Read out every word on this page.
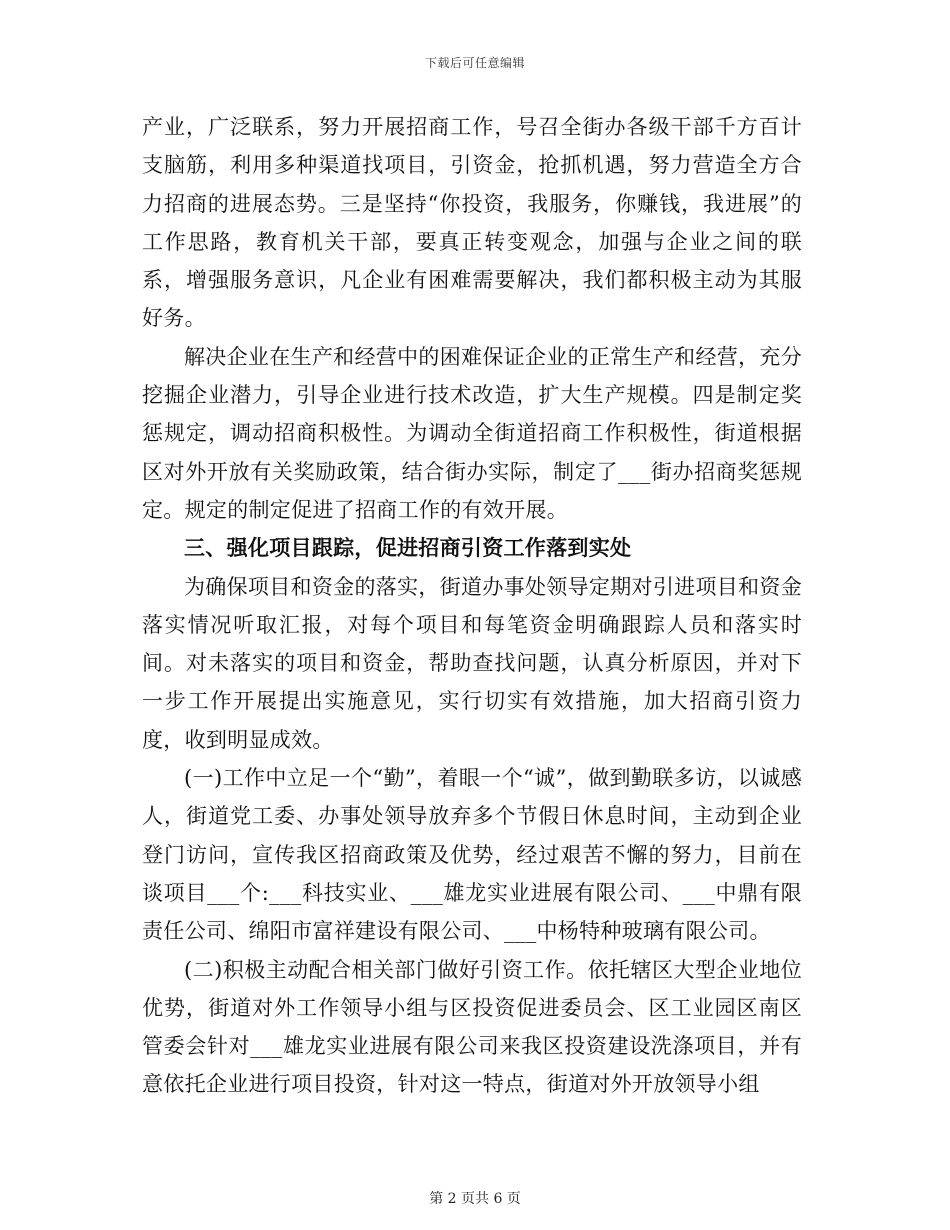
下载后可任意编辑

产业，广泛联系，努力开展招商工作，号召全街办各级干部千方百计支脑筋，利用多种渠道找项目，引资金，抢抓机遇，努力营造全方合力招商的进展态势。三是坚持“你投资，我服务，你赚钱，我进展”的工作思路，教育机关干部，要真正转变观念，加强与企业之间的联系，增强服务意识，凡企业有困难需要解决，我们都积极主动为其服好务。

解决企业在生产和经营中的困难保证企业的正常生产和经营，充分挖掘企业潜力，引导企业进行技术改造，扩大生产规模。四是制定奖惩规定，调动招商积极性。为调动全街道招商工作积极性，街道根据区对外开放有关奖励政策，结合街办实际，制定了___街办招商奖惩规定。规定的制定促进了招商工作的有效开展。

三、强化项目跟踪，促进招商引资工作落到实处

为确保项目和资金的落实，街道办事处领导定期对引进项目和资金落实情况听取汇报，对每个项目和每笔资金明确跟踪人员和落实时间。对未落实的项目和资金，帮助查找问题，认真分析原因，并对下一步工作开展提出实施意见，实行切实有效措施，加大招商引资力度，收到明显成效。

(一)工作中立足一个“勤”，着眼一个“诚”，做到勤联多访，以诚感人，街道党工委、办事处领导放弃多个节假日休息时间，主动到企业登门访问，宣传我区招商政策及优势，经过艰苦不懈的努力，目前在谈项目___个:___科技实业、___雄龙实业进展有限公司、___中鼎有限责任公司、绵阳市富祥建设有限公司、___中杨特种玻璃有限公司。

(二)积极主动配合相关部门做好引资工作。依托辖区大型企业地位优势，街道对外工作领导小组与区投资促进委员会、区工业园区南区管委会针对___雄龙实业进展有限公司来我区投资建设洗涤项目，并有意依托企业进行项目投资，针对这一特点，街道对外开放领导小组

第 2 页共 6 页
